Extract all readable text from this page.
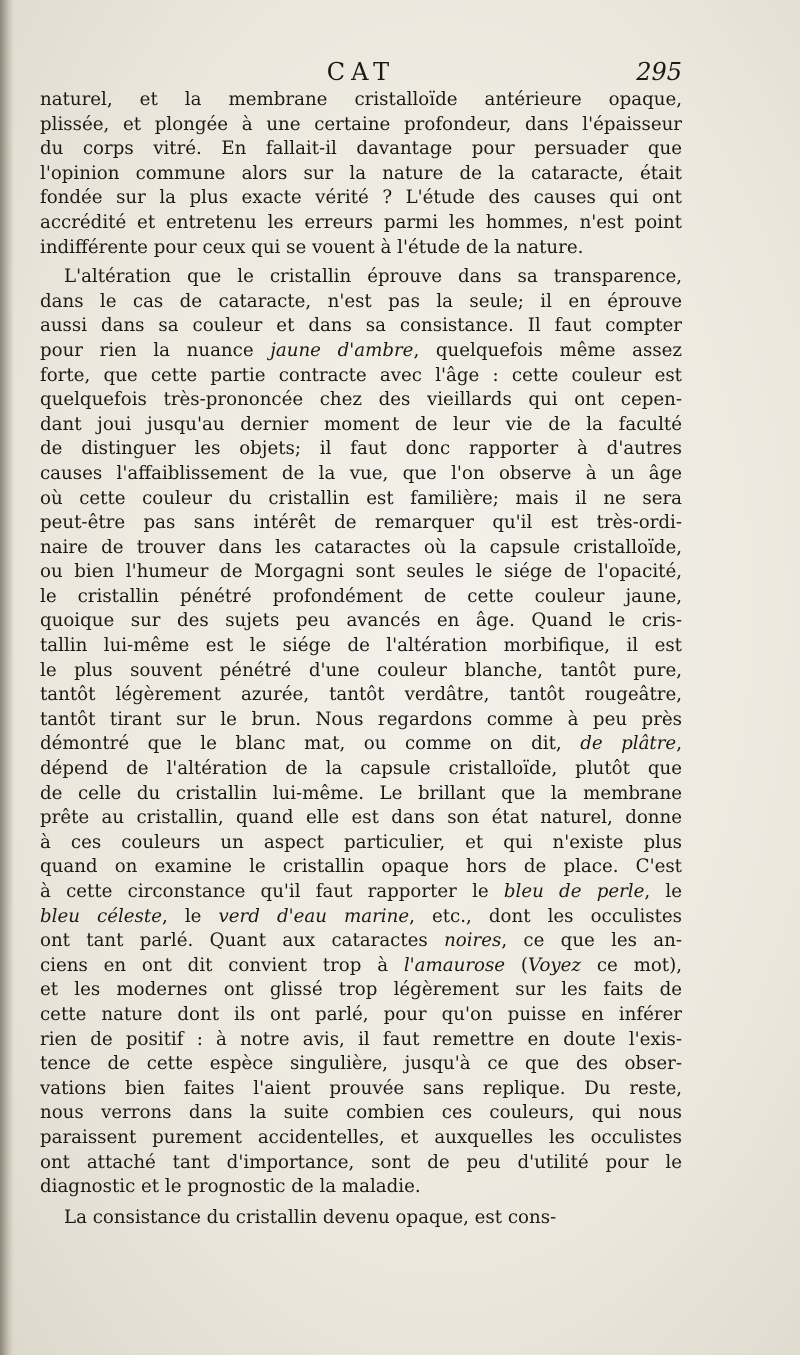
CAT	295

naturel, et la membrane cristalloïde antérieure opaque,
plissée, et plongée à une certaine profondeur, dans l'épaisseur
du corps vitré. En fallait-il davantage pour persuader que
l'opinion commune alors sur la nature de la cataracte, était
fondée sur la plus exacte vérité ? L'étude des causes qui ont
accrédité et entretenu les erreurs parmi les hommes, n'est point
indifférente pour ceux qui se vouent à l'étude de la nature.

L'altération que le cristallin éprouve dans sa transparence,
dans le cas de cataracte, n'est pas la seule; il en éprouve
aussi dans sa couleur et dans sa consistance. Il faut compter
pour rien la nuance jaune d'ambre, quelquefois même assez
forte, que cette partie contracte avec l'âge : cette couleur est
quelquefois très-prononcée chez des vieillards qui ont cepen-
dant joui jusqu'au dernier moment de leur vie de la faculté
de distinguer les objets; il faut donc rapporter à d'autres
causes l'affaiblissement de la vue, que l'on observe à un âge
où cette couleur du cristallin est familière; mais il ne sera
peut-être pas sans intérêt de remarquer qu'il est très-ordi-
naire de trouver dans les cataractes où la capsule cristalloïde,
ou bien l'humeur de Morgagni sont seules le siége de l'opacité,
le cristallin pénétré profondément de cette couleur jaune,
quoique sur des sujets peu avancés en âge. Quand le cris-
tallin lui-même est le siége de l'altération morbifique, il est
le plus souvent pénétré d'une couleur blanche, tantôt pure,
tantôt légèrement azurée, tantôt verdâtre, tantôt rougeâtre,
tantôt tirant sur le brun. Nous regardons comme à peu près
démontré que le blanc mat, ou comme on dit, de plâtre,
dépend de l'altération de la capsule cristalloïde, plutôt que
de celle du cristallin lui-même. Le brillant que la membrane
prête au cristallin, quand elle est dans son état naturel, donne
à ces couleurs un aspect particulier, et qui n'existe plus
quand on examine le cristallin opaque hors de place. C'est
à cette circonstance qu'il faut rapporter le bleu de perle, le
bleu céleste, le verd d'eau marine, etc., dont les occulistes
ont tant parlé. Quant aux cataractes noires, ce que les an-
ciens en ont dit convient trop à l'amaurose (Voyez ce mot),
et les modernes ont glissé trop légèrement sur les faits de
cette nature dont ils ont parlé, pour qu'on puisse en inférer
rien de positif : à notre avis, il faut remettre en doute l'exis-
tence de cette espèce singulière, jusqu'à ce que des obser-
vations bien faites l'aient prouvée sans replique. Du reste,
nous verrons dans la suite combien ces couleurs, qui nous
paraissent purement accidentelles, et auxquelles les occulistes
ont attaché tant d'importance, sont de peu d'utilité pour le
diagnostic et le prognostic de la maladie.

La consistance du cristallin devenu opaque, est cons-
